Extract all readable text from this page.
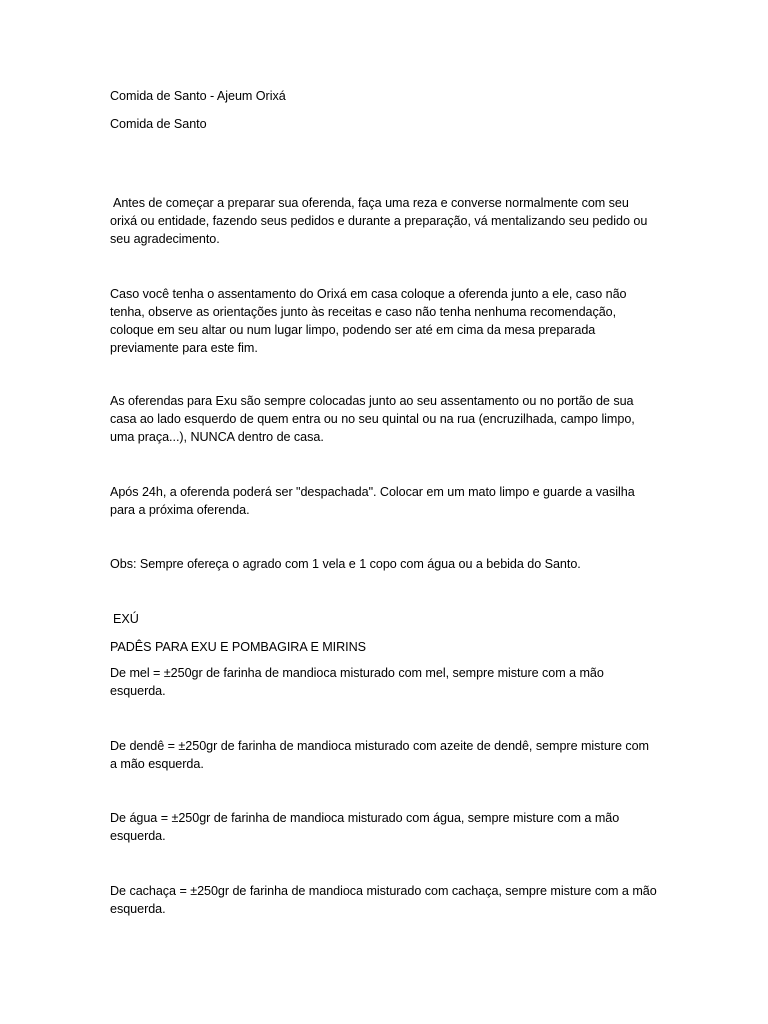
Comida de Santo - Ajeum Orixá

Comida de Santo

Antes de começar a preparar sua oferenda, faça uma reza e converse normalmente com seu orixá ou entidade, fazendo seus pedidos e durante a preparação, vá mentalizando seu pedido ou seu agradecimento.

Caso você tenha o assentamento do Orixá em casa coloque a oferenda junto a ele, caso não tenha, observe as orientações junto às receitas e caso não tenha nenhuma recomendação, coloque em seu altar ou num lugar limpo, podendo ser até em cima da mesa preparada previamente para este fim.

As oferendas para Exu são sempre colocadas junto ao seu assentamento ou no portão de sua casa ao lado esquerdo de quem entra ou no seu quintal ou na rua (encruzilhada, campo limpo, uma praça...), NUNCA dentro de casa.

Após 24h, a oferenda poderá ser "despachada". Colocar em um mato limpo e guarde a vasilha para a próxima oferenda.

Obs: Sempre ofereça o agrado com 1 vela e 1 copo com água ou a bebida do Santo.

EXÚ

PADÊS PARA EXU E POMBAGIRA E MIRINS

De mel = ±250gr de farinha de mandioca misturado com mel, sempre misture com a mão esquerda.

De dendê = ±250gr de farinha de mandioca misturado com azeite de dendê, sempre misture com a mão esquerda.

De água = ±250gr de farinha de mandioca misturado com água, sempre misture com a mão esquerda.

De cachaça = ±250gr de farinha de mandioca misturado com cachaça, sempre misture com a mão esquerda.
